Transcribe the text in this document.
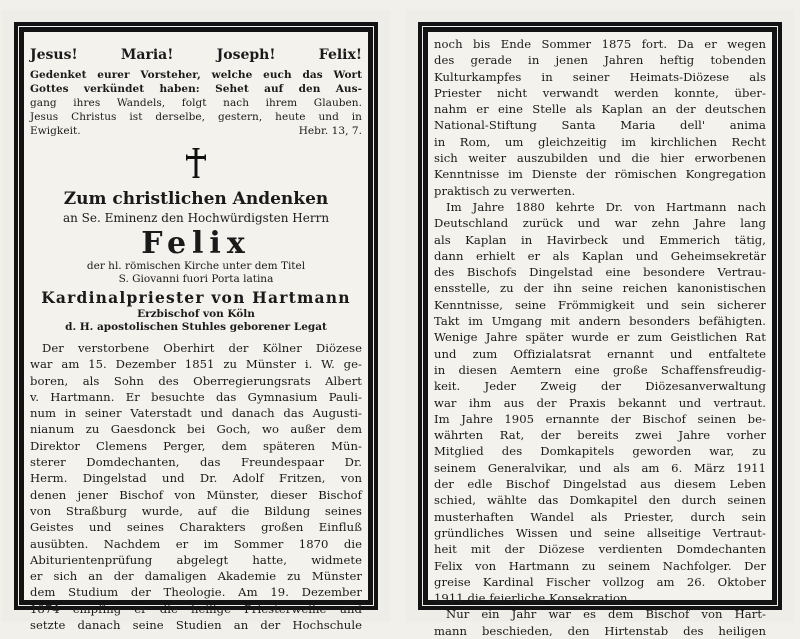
Jesus!	Maria!	Joseph!	Felix!
Gedenket eurer Vorsteher, welche euch das Wort
Gottes verkündet haben: Sehet auf den Aus-
gang ihres Wandels, folgt nach ihrem Glauben.
Jesus Christus ist derselbe, gestern, heute und in
Ewigkeit.	Hebr. 13, 7.
Zum christlichen Andenken
an Se. Eminenz den Hochwürdigsten Herrn
Felix
der hl. römischen Kirche unter dem Titel
S. Giovanni fuori Porta latina
Kardinalpriester von Hartmann
Erzbischof von Köln
d. H. apostolischen Stuhles geborener Legat
Der verstorbene Oberhirt der Kölner Diözese
war am 15. Dezember 1851 zu Münster i. W. ge-
boren, als Sohn des Oberregierungsrats Albert
v. Hartmann. Er besuchte das Gymnasium Pauli-
num in seiner Vaterstadt und danach das Augusti-
nianum zu Gaesdonck bei Goch, wo außer dem
Direktor Clemens Perger, dem späteren Mün-
sterer Domdechanten, das Freundespaar Dr.
Herm. Dingelstad und Dr. Adolf Fritzen, von
denen jener Bischof von Münster, dieser Bischof
von Straßburg wurde, auf die Bildung seines
Geistes und seines Charakters großen Einfluß
ausübten. Nachdem er im Sommer 1870 die
Abiturientenprüfung abgelegt hatte, widmete
er sich an der damaligen Akademie zu Münster
dem Studium der Theologie. Am 19. Dezember
1874 empfing er die heilige Priesterweihe und
setzte danach seine Studien an der Hochschule
noch bis Ende Sommer 1875 fort. Da er wegen
des gerade in jenen Jahren heftig tobenden
Kulturkampfes in seiner Heimats-Diözese als
Priester nicht verwandt werden konnte, über-
nahm er eine Stelle als Kaplan an der deutschen
National-Stiftung Santa Maria dell' anima
in Rom, um gleichzeitig im kirchlichen Recht
sich weiter auszubilden und die hier erworbenen
Kenntnisse im Dienste der römischen Kongregation
praktisch zu verwerten.
Im Jahre 1880 kehrte Dr. von Hartmann nach
Deutschland zurück und war zehn Jahre lang
als Kaplan in Havirbeck und Emmerich tätig,
dann erhielt er als Kaplan und Geheimsekretär
des Bischofs Dingelstad eine besondere Vertrau-
ensstelle, zu der ihn seine reichen kanonistischen
Kenntnisse, seine Frömmigkeit und sein sicherer
Takt im Umgang mit andern besonders befähigten.
Wenige Jahre später wurde er zum Geistlichen Rat
und zum Offizialatsrat ernannt und entfaltete
in diesen Aemtern eine große Schaffensfreudig-
keit. Jeder Zweig der Diözesanverwaltung
war ihm aus der Praxis bekannt und vertraut.
Im Jahre 1905 ernannte der Bischof seinen be-
währten Rat, der bereits zwei Jahre vorher
Mitglied des Domkapitels geworden war, zu
seinem Generalvikar, und als am 6. März 1911
der edle Bischof Dingelstad aus diesem Leben
schied, wählte das Domkapitel den durch seinen
musterhaften Wandel als Priester, durch sein
gründliches Wissen und seine allseitige Vertraut-
heit mit der Diözese verdienten Domdechanten
Felix von Hartmann zu seinem Nachfolger. Der
greise Kardinal Fischer vollzog am 26. Oktober
1911 die feierliche Konsekration.
Nur ein Jahr war es dem Bischof von Hart-
mann beschieden, den Hirtenstab des heiligen
